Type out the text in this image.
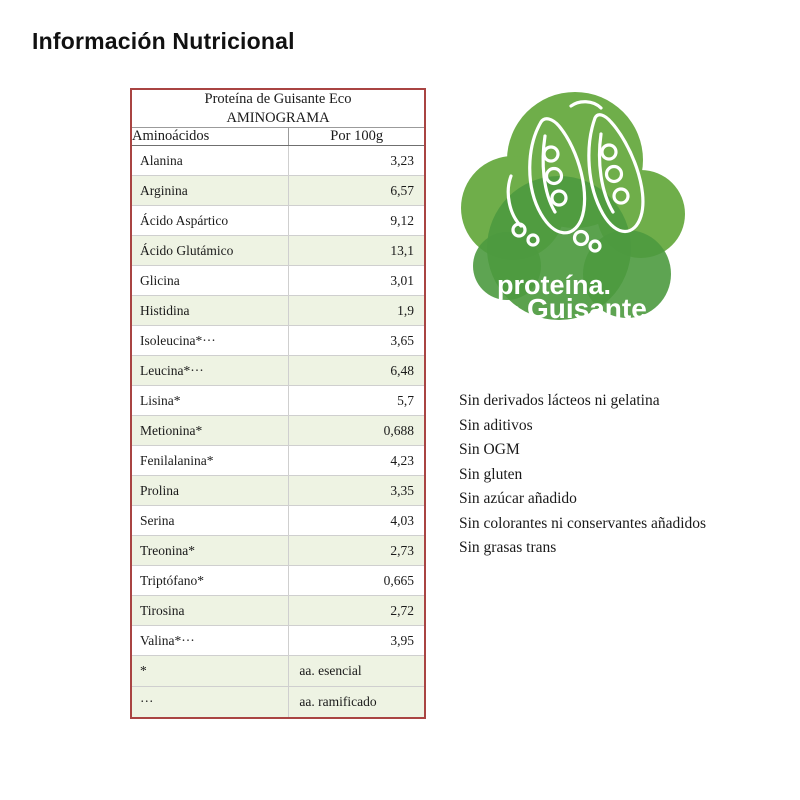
Información Nutricional
Proteína de Guisante Eco
AMINOGRAMA	

Aminoácidos	Por 100g
Alanina	3,23
Arginina	6,57
Ácido Aspártico	9,12
Ácido Glutámico	13,1
Glicina	3,01
Histidina	1,9
Isoleucina*···	3,65
Leucina*···	6,48
Lisina*	5,7
Metionina*	0,688
Fenilalanina*	4,23
Prolina	3,35
Serina	4,03
Treonina*	2,73
Triptófano*	0,665
Tirosina	2,72
Valina*···	3,95
*	aa. esencial
···	aa. ramificado
proteína.
de Guisante
Sin derivados lácteos ni gelatina
Sin aditivos
Sin OGM
Sin gluten
Sin azúcar añadido
Sin colorantes ni conservantes añadidos
Sin grasas trans
